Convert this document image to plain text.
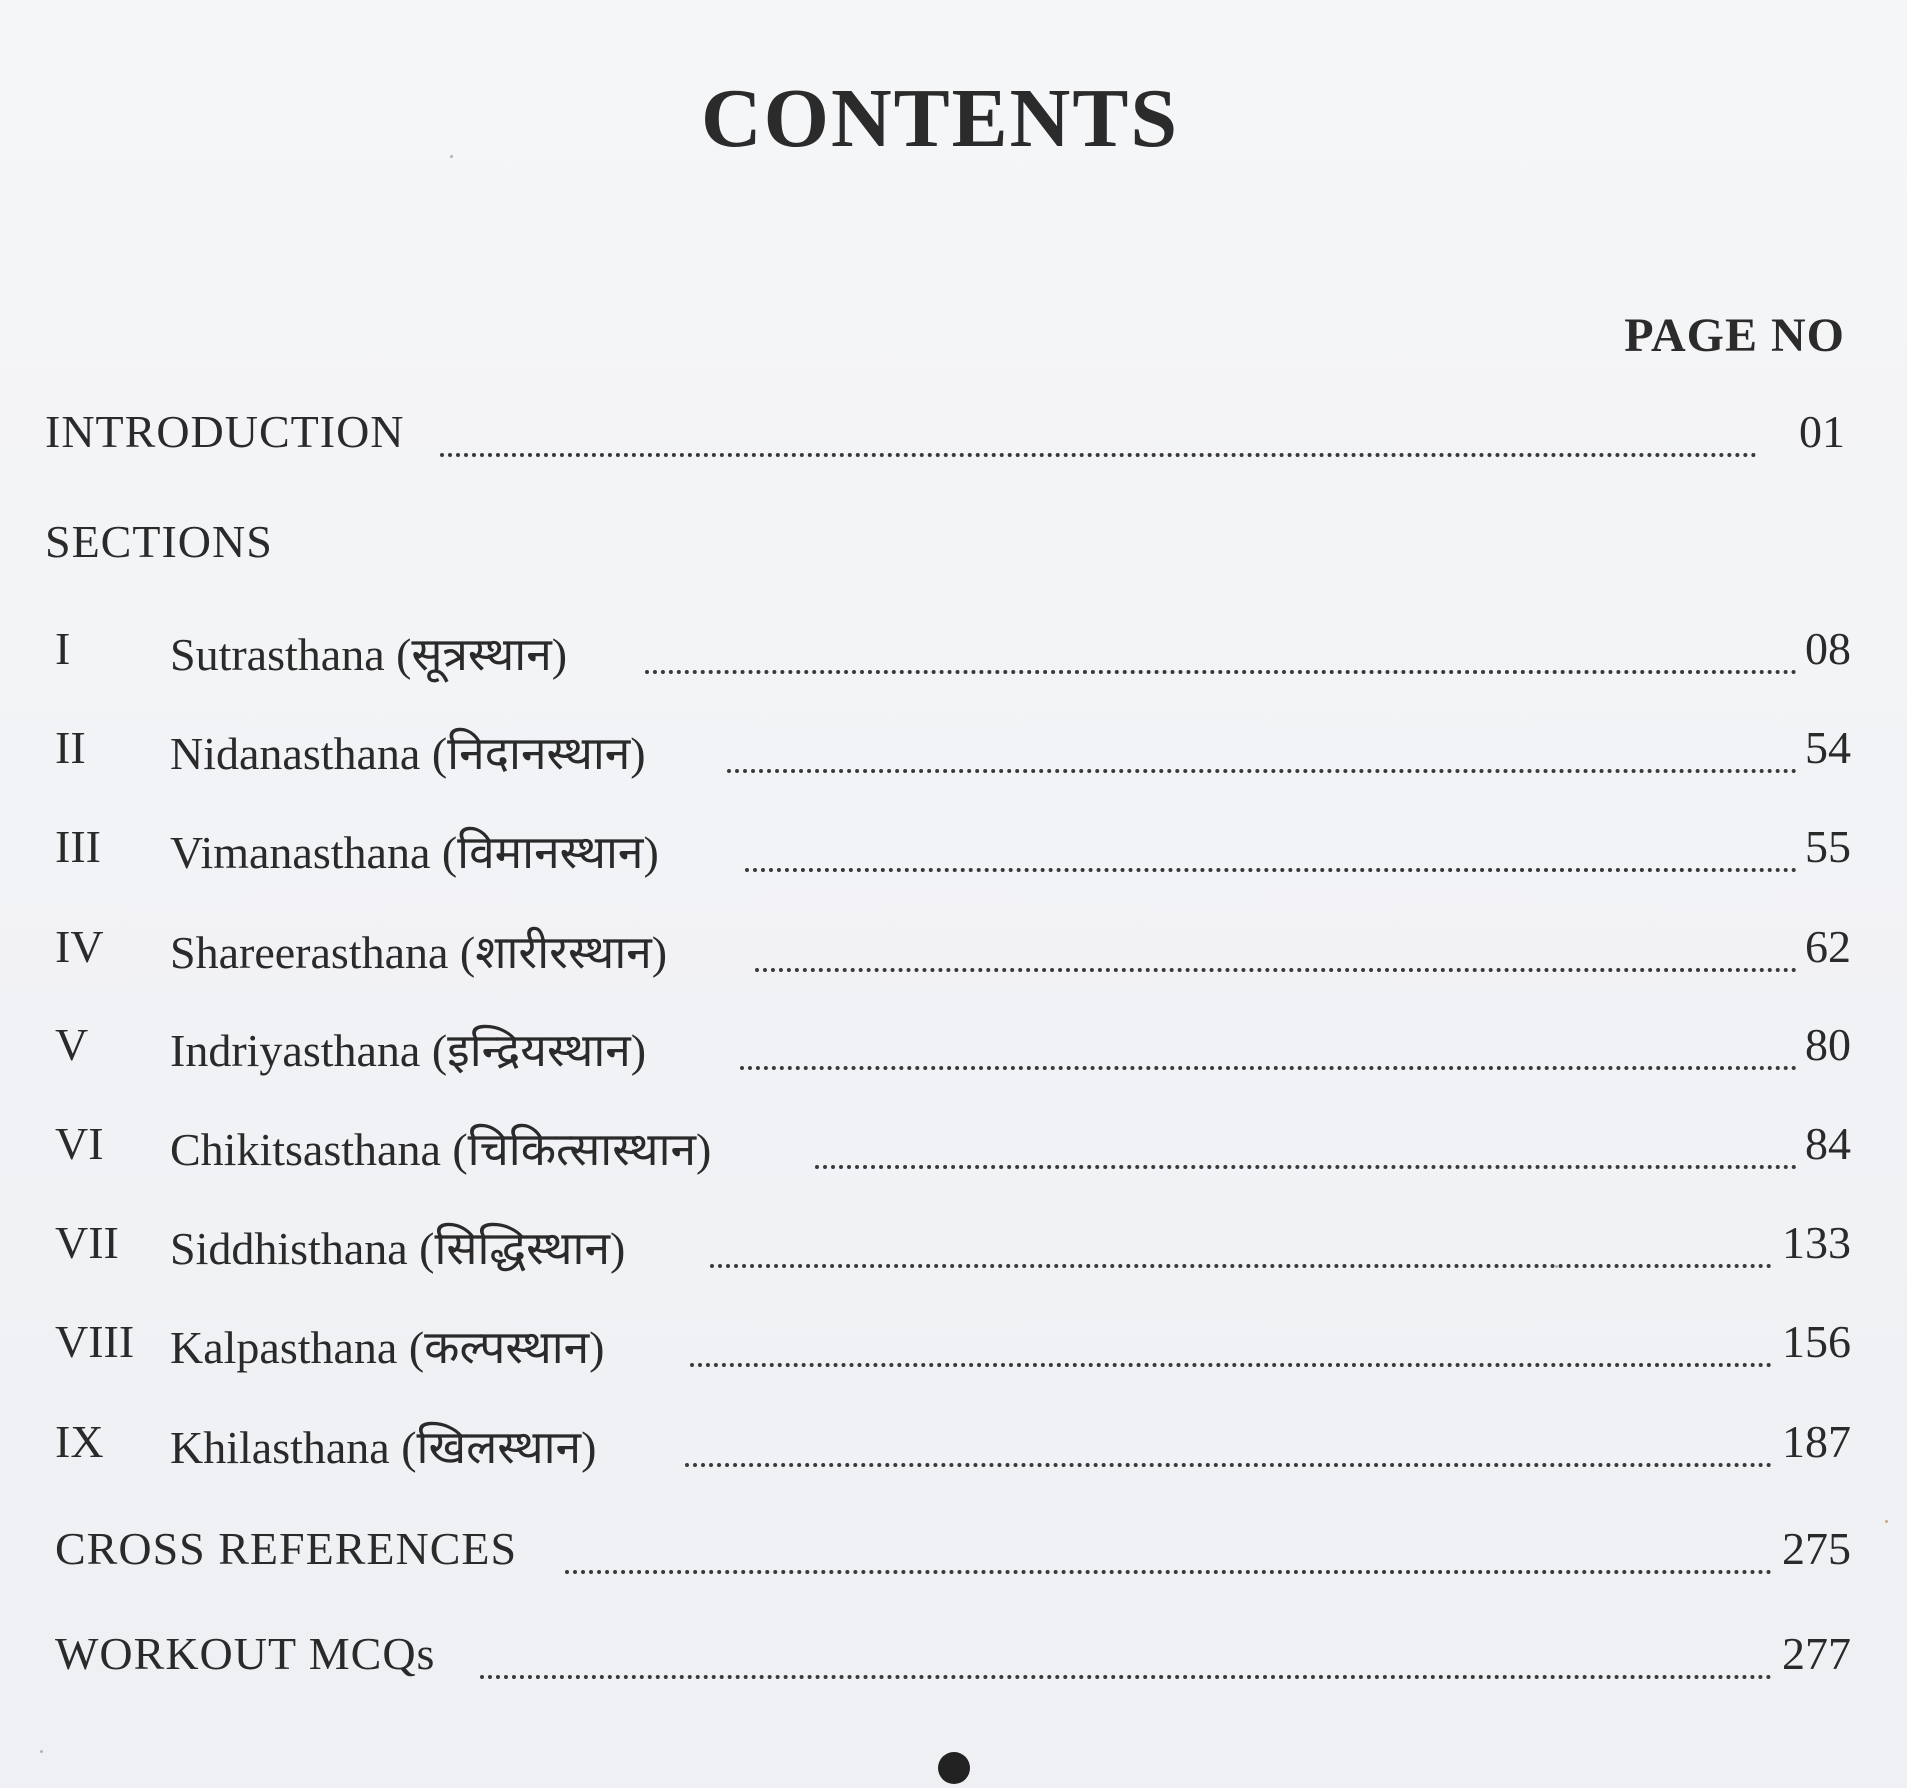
CONTENTS
PAGE NO
INTRODUCTION	01
SECTIONS
I Sutrasthana (सूत्रस्थान)	08
II Nidanasthana (निदानस्थान)	54
III Vimanasthana (विमानस्थान)	55
IV Shareerasthana (शारीरस्थान)	62
V Indriyasthana (इन्द्रियस्थान)	80
VI Chikitsasthana (चिकित्सास्थान)	84
VII Siddhisthana (सिद्धिस्थान)	133
VIII Kalpasthana (कल्पस्थान)	156
IX Khilasthana (खिलस्थान)	187
CROSS REFERENCES	275
WORKOUT MCQs	277
